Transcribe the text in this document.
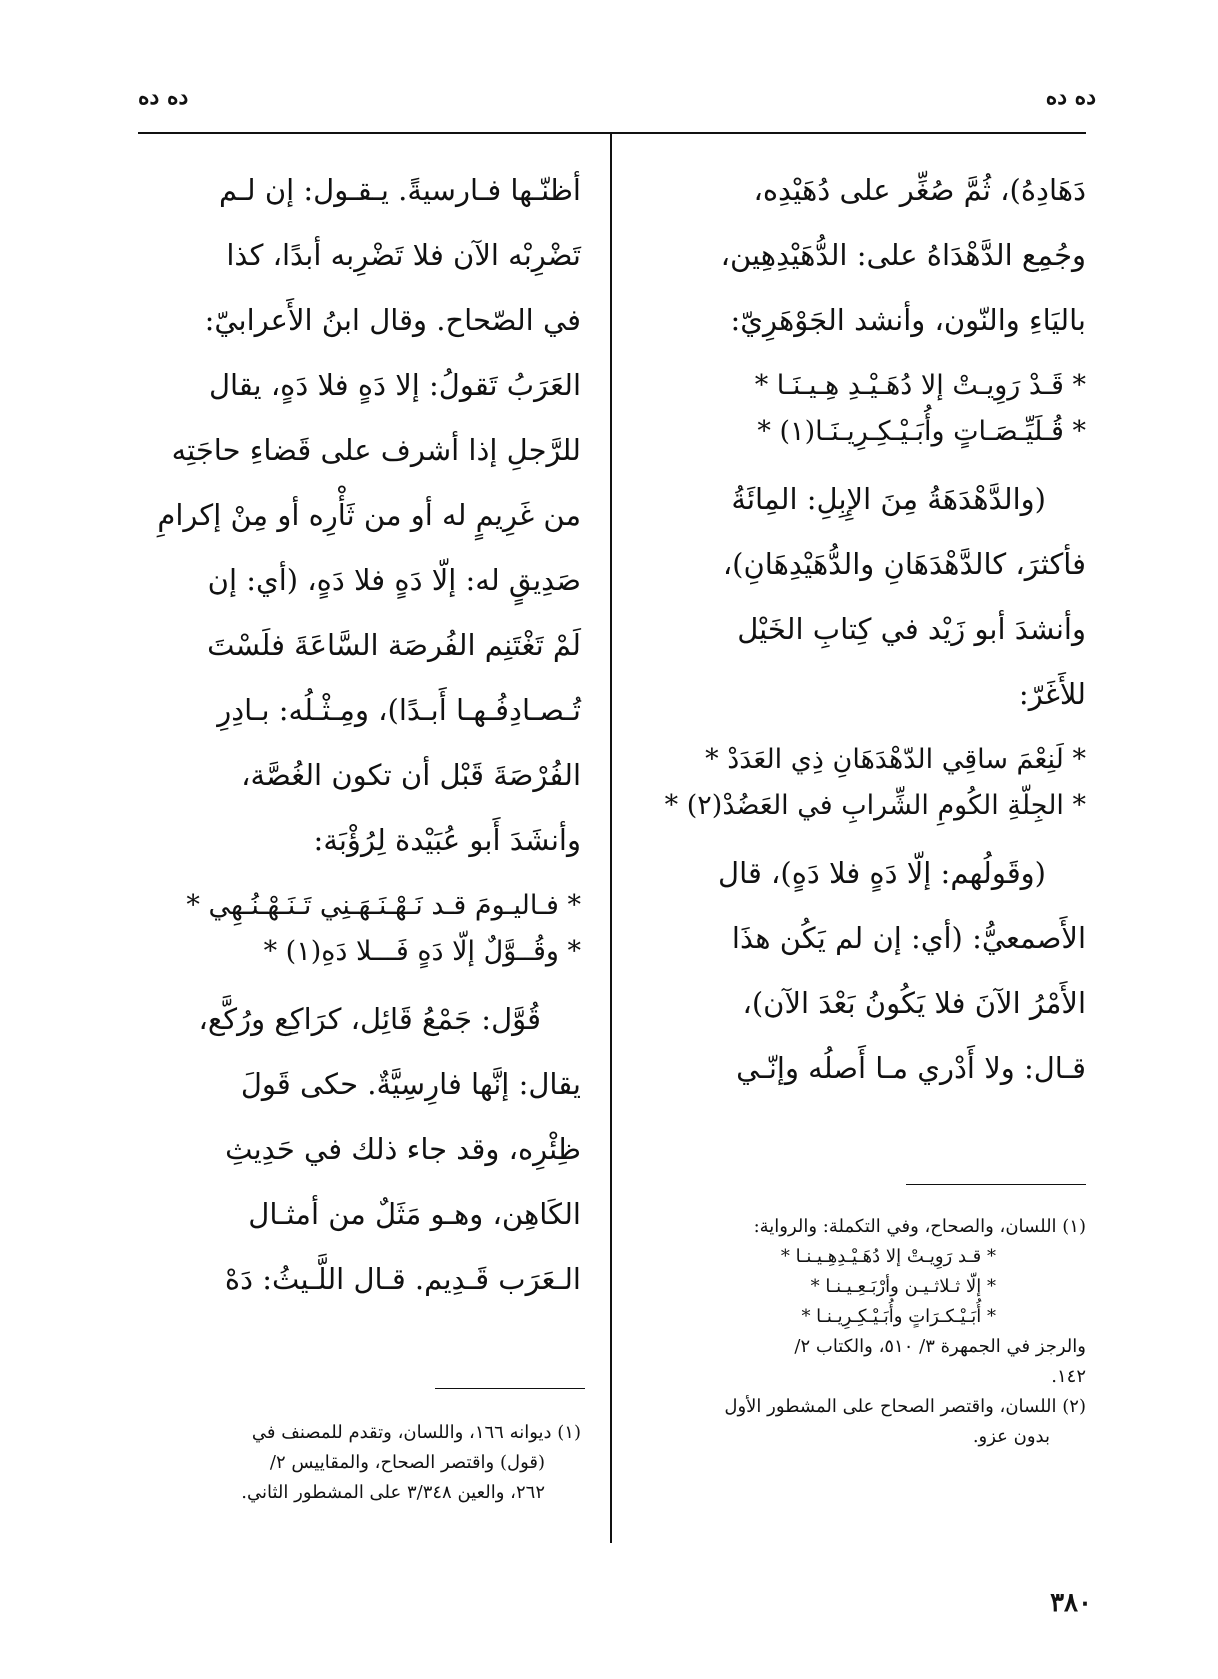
ده ده
ده ده

دَهَادِهُ)، ثُمَّ صُغِّر على دُهَيْدِه،

وجُمِع الدَّهْدَاهُ على: الدُّهَيْدِهِين،

باليَاءِ والنّون، وأنشد الجَوْهَرِيّ:

* قَـدْ رَوِيـتْ إلا دُهَـيْـدِ هِـيـنَـا *
* قُـلَيِّـصَـاتٍ وأُبَـيْـكِـرِيـنَـا(١) *

(والدَّهْدَهَةُ مِنَ الإِبِلِ: المِائَةُ

فأكثرَ، كالدَّهْدَهَانِ والدُّهَيْدِهَانِ)،

وأنشدَ أبو زَيْد في كِتابِ الخَيْل

للأَغَرّ:

* لَنِعْمَ ساقِي الدّهْدَهَانِ ذِي العَدَدْ *
* الجِلّةِ الكُومِ الشِّرابِ في العَضُدْ(٢) *

(وقَولُهم: إلّا دَهٍ فلا دَهٍ)، قال

الأَصمعيُّ: (أي: إن لم يَكُن هذَا

الأَمْرُ الآنَ فلا يَكُونُ بَعْدَ الآن)،

قـال: ولا أَدْري مـا أَصلُه وإنّـي

أظنّـها فـارسيةً. يـقـول: إن لـم

تَضْرِبْه الآن فلا تَضْرِبه أبدًا، كذا

في الصّحاح. وقال ابنُ الأَعرابيّ:

العَرَبُ تَقولُ: إلا دَهٍ فلا دَهٍ، يقال

للرَّجلِ إذا أشرف على قَضاءِ حاجَتِه

من غَرِيمٍ له أو من ثَأْرِه أو مِنْ إكرامِ

صَدِيقٍ له: إلّا دَهٍ فلا دَهٍ، (أي: إن

لَمْ تَغْتَنِم الفُرصَة السَّاعَةَ فلَسْتَ

تُـصـادِفُـهـا أَبـدًا)، ومِـثْـلُه: بـادِرِ

الفُرْصَةَ قَبْل أن تكون الغُصَّة،

وأنشَدَ أَبو عُبَيْدة لِرُؤْبَة:

* فـاليـومَ قـد نَـهْـنَـهَـنِي تَـنَـهْـنُـهِي *
* وقُــوَّلٌ إلّا دَهٍ فَـــلا دَهِ(١) *

قُوَّل: جَمْعُ قَائِل، كرَاكِع ورُكَّع،

يقال: إنَّها فارِسِيَّةٌ. حكى قَولَ

ظِئْرِه، وقد جاء ذلك في حَدِيثِ

الكَاهِن، وهـو مَثَلٌ من أمثـال

الـعَرَب قَـدِيم. قـال اللَّـيثُ: دَهْ

(١) اللسان، والصحاح، وفي التكملة: والرواية:
* قـد رَوِيـتْ إلا دُهَـيْـدِهِـيـنـا *
* إلّا ثـلاثـيـن وأرْبَـعِـيـنـا *
* أُبَـيْـكـرَاتٍ وأُبَـيْـكِـرِيـنـا *
والرجز في الجمهرة ٣/ ٥١٠، والكتاب ٢/
١٤٢.
(٢) اللسان، واقتصر الصحاح على المشطور الأول
بدون عزو.
(١) ديوانه ١٦٦، واللسان، وتقدم للمصنف في
(قول) واقتصر الصحاح، والمقاييس ٢/
٢٦٢، والعين ٣/٣٤٨ على المشطور الثاني.
٣٨٠
